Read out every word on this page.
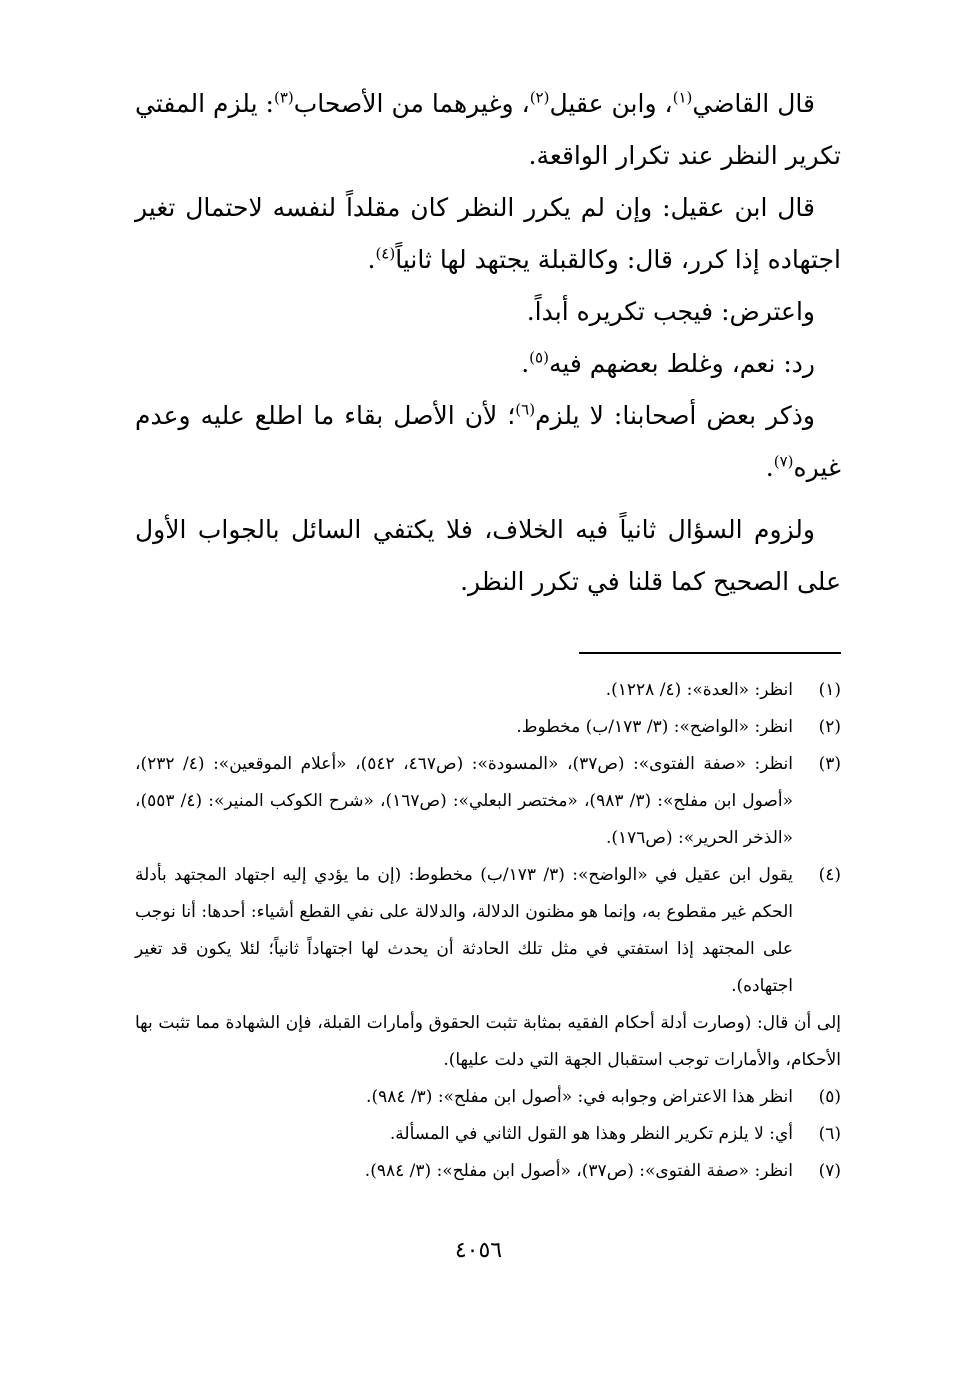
قال القاضي$^{(١)}$، وابن عقيل$^{(٢)}$، وغيرهما من الأصحاب$^{(٣)}$: يلزم المفتي تكرير النظر عند تكرار الواقعة.

قال ابن عقيل: وإن لم يكرر النظر كان مقلداً لنفسه لاحتمال تغير اجتهاده إذا كرر، قال: وكالقبلة يجتهد لها ثانياً$^{(٤)}$.

واعترض: فيجب تكريره أبداً.

رد: نعم، وغلط بعضهم فيه$^{(٥)}$.

وذكر بعض أصحابنا: لا يلزم$^{(٦)}$؛ لأن الأصل بقاء ما اطلع عليه وعدم غيره$^{(٧)}$.

ولزوم السؤال ثانياً فيه الخلاف، فلا يكتفي السائل بالجواب الأول على الصحيح كما قلنا في تكرر النظر.

(١)
انظر: «العدة»: (٤/ ١٢٢٨).
(٢)
انظر: «الواضح»: (٣/ ١٧٣/ب) مخطوط.
(٣)
انظر: «صفة الفتوى»: (ص٣٧)، «المسودة»: (ص٤٦٧، ٥٤٢)، «أعلام الموقعين»: (٤/ ٢٣٢)، «أصول ابن مفلح»: (٣/ ٩٨٣)، «مختصر البعلي»: (ص١٦٧)، «شرح الكوكب المنير»: (٤/ ٥٥٣)، «الذخر الحرير»: (ص١٧٦).
(٤)
يقول ابن عقيل في «الواضح»: (٣/ ١٧٣/ب) مخطوط: (إن ما يؤدي إليه اجتهاد المجتهد بأدلة الحكم غير مقطوع به، وإنما هو مظنون الدلالة، والدلالة على نفي القطع أشياء: أحدها: أنا نوجب على المجتهد إذا استفتي في مثل تلك الحادثة أن يحدث لها اجتهاداً ثانياً؛ لئلا يكون قد تغير اجتهاده).
إلى أن قال: (وصارت أدلة أحكام الفقيه بمثابة تثبت الحقوق وأمارات القبلة، فإن الشهادة مما تثبت بها الأحكام، والأمارات توجب استقبال الجهة التي دلت عليها).
(٥)
انظر هذا الاعتراض وجوابه في: «أصول ابن مفلح»: (٣/ ٩٨٤).
(٦)
أي: لا يلزم تكرير النظر وهذا هو القول الثاني في المسألة.
(٧)
انظر: «صفة الفتوى»: (ص٣٧)، «أصول ابن مفلح»: (٣/ ٩٨٤).
٤٠٥٦
